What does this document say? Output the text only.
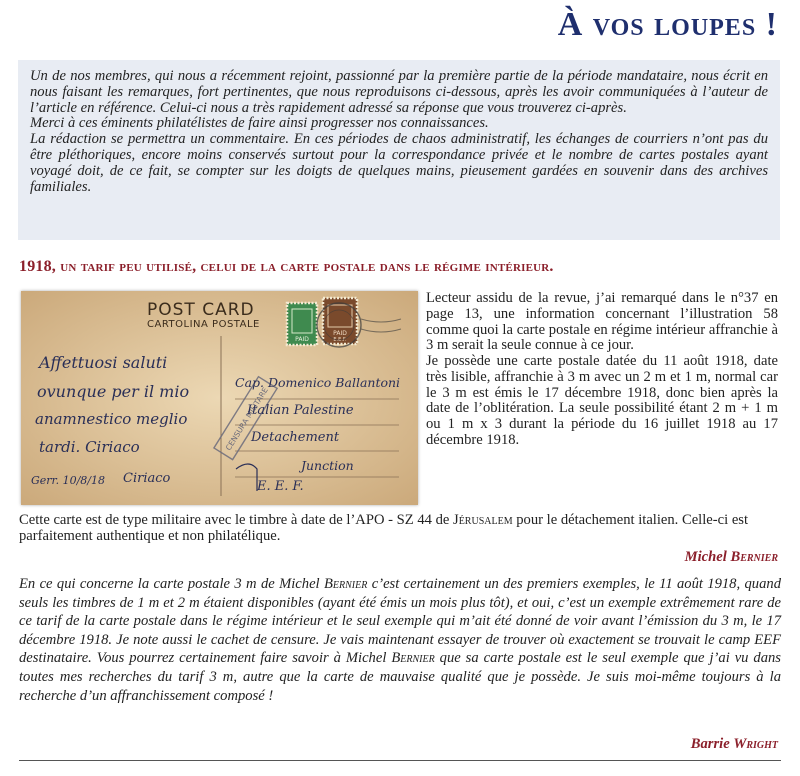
À vos loupes !

Un de nos membres, qui nous a récemment rejoint, passionné par la première partie de la période mandataire, nous écrit en nous faisant les remarques, fort pertinentes, que nous reproduisons ci-dessous, après les avoir communiquées à l’auteur de l’article en référence. Celui-ci nous a très rapidement adressé sa réponse que vous trouverez ci-après.

Merci à ces éminents philatélistes de faire ainsi progresser nos connaissances.

La rédaction se permettra un commentaire. En ces périodes de chaos administratif, les échanges de courriers n’ont pas du être pléthoriques, encore moins conservés surtout pour la correspondance privée et le nombre de cartes postales ayant voyagé doit, de ce fait, se compter sur les doigts de quelques mains, pieusement gardées en souvenir dans des archives familiales.

1918, un tarif peu utilisé, celui de la carte postale dans le régime intérieur.
PAID
PAID
E.E.F.
CENSURA MILITARE
POST CARD
CARTOLINA POSTALE
Affettuosi saluti
ovunque per il mio
anamnestico meglio
tardi. Ciriaco
Gerr. 10/8/18 Ciriaco
Cap. Domenico Ballantoni
Italian Palestine
Detachement
Junction
E. E. F.

Lecteur assidu de la revue, j’ai remarqué dans le n°37 en page 13, une information concernant l’illustration 58 comme quoi la carte postale en régime intérieur affranchie à 3 m serait la seule connue à ce jour.

Je possède une carte postale datée du 11 août 1918, date très lisible, affranchie à 3 m avec un 2 m et 1 m, normal car le 3 m est émis le 17 décembre 1918, donc bien après la date de l’oblitération. La seule possibilité étant 2 m + 1 m ou 1 m x 3 durant la période du 16 juillet 1918 au 17 décembre 1918.

Cette carte est de type militaire avec le timbre à date de l’APO - SZ 44 de Jérusalem pour le détachement italien. Celle-ci est parfaitement authentique et non philatélique.

Michel Bernier

En ce qui concerne la carte postale 3 m de Michel Bernier c’est certainement un des premiers exemples, le 11 août 1918, quand seuls les timbres de 1 m et 2 m étaient disponibles (ayant été émis un mois plus tôt), et oui, c’est un exemple extrêmement rare de ce tarif de la carte postale dans le régime intérieur et le seul exemple qui m’ait été donné de voir avant l’émission du 3 m, le 17 décembre 1918. Je note aussi le cachet de censure. Je vais maintenant essayer de trouver où exactement se trouvait le camp EEF destinataire. Vous pourrez certainement faire savoir à Michel Bernier que sa carte postale est le seul exemple que j’ai vu dans toutes mes recherches du tarif 3 m, autre que la carte de mauvaise qualité que je possède. Je suis moi-même toujours à la recherche d’un affranchissement composé !

Barrie Wright
